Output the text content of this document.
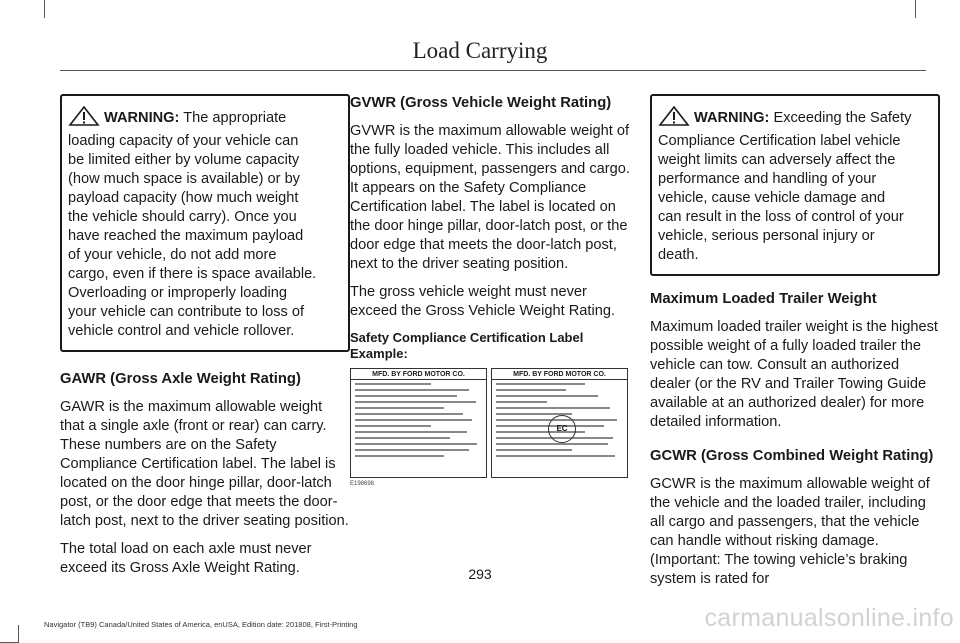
Load Carrying
WARNING: The appropriate
loading capacity of your vehicle can
be limited either by volume capacity
(how much space is available) or by
payload capacity (how much weight
the vehicle should carry). Once you
have reached the maximum payload
of your vehicle, do not add more
cargo, even if there is space available.
Overloading or improperly loading
your vehicle can contribute to loss of
vehicle control and vehicle rollover.
GAWR (Gross Axle Weight Rating)

GAWR is the maximum allowable weight that a single axle (front or rear) can carry. These numbers are on the Safety Compliance Certification label. The label is located on the door hinge pillar, door-latch post, or the door edge that meets the door-latch post, next to the driver seating position.

The total load on each axle must never exceed its Gross Axle Weight Rating.

GVWR (Gross Vehicle Weight Rating)

GVWR is the maximum allowable weight of the fully loaded vehicle. This includes all options, equipment, passengers and cargo. It appears on the Safety Compliance Certification label. The label is located on the door hinge pillar, door-latch post, or the door edge that meets the door-latch post, next to the driver seating position.

The gross vehicle weight must never exceed the Gross Vehicle Weight Rating.

Safety Compliance Certification Label Example:
MFD. BY FORD MOTOR CO.	MFD. BY FORD MOTOR CO.
EC
E198698
WARNING: Exceeding the Safety
Compliance Certification label vehicle
weight limits can adversely affect the
performance and handling of your
vehicle, cause vehicle damage and
can result in the loss of control of your
vehicle, serious personal injury or
death.
Maximum Loaded Trailer Weight

Maximum loaded trailer weight is the highest possible weight of a fully loaded trailer the vehicle can tow. Consult an authorized dealer (or the RV and Trailer Towing Guide available at an authorized dealer) for more detailed information.

GCWR (Gross Combined Weight Rating)

GCWR is the maximum allowable weight of the vehicle and the loaded trailer, including all cargo and passengers, that the vehicle can handle without risking damage. (Important: The towing vehicle’s braking system is rated for

293
Navigator (TB9) Canada/United States of America, enUSA, Edition date: 201808, First-Printing	carmanualsonline.info
